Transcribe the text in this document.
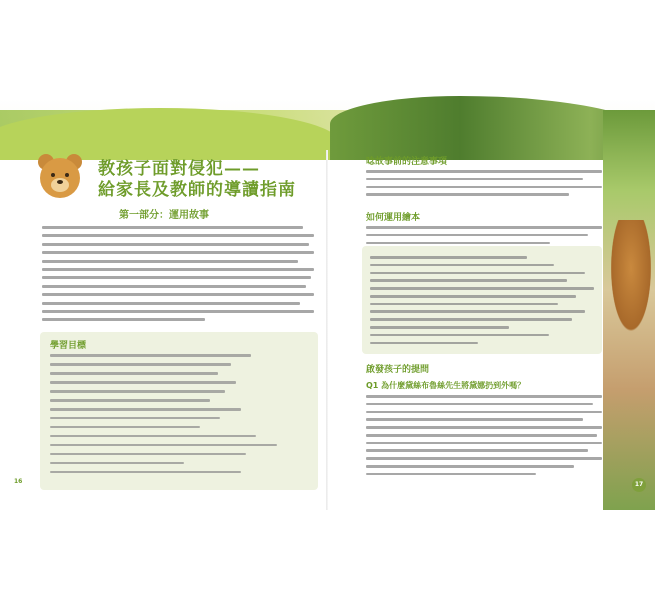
教孩子面對侵犯——
給家長及教師的導讀指南
第一部分：運用故事
學習目標
16
唸故事前的注意事項
如何運用繪本
啟發孩子的提問
Q1 為什麼黛絲布魯絲先生將黛娜扔到外嗎？
17
